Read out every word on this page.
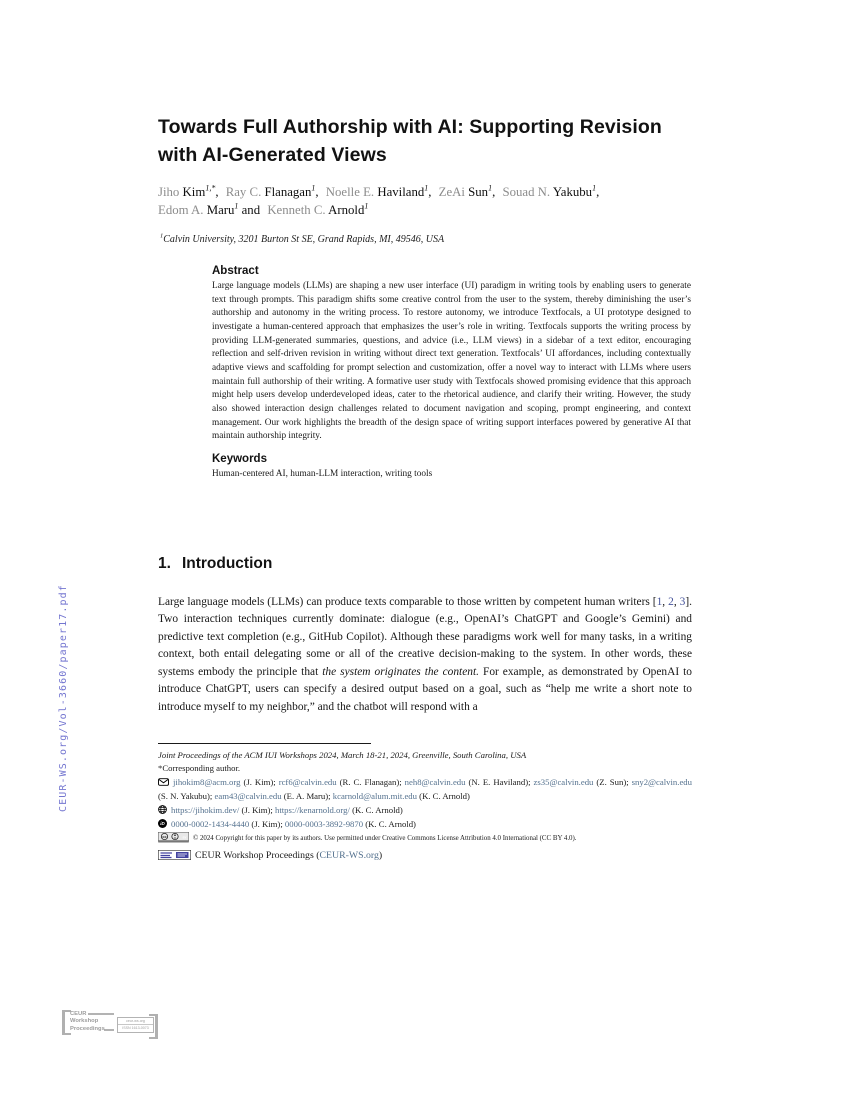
CEUR-WS.org/Vol-3660/paper17.pdf
Towards Full Authorship with AI: Supporting Revision
with AI-Generated Views
Jiho Kim$^{1,*}$, Ray C. Flanagan$^1$, Noelle E. Haviland$^1$, ZeAi Sun$^1$, Souad N. Yakubu$^1$,
Edom A. Maru$^1$ and Kenneth C. Arnold$^1$
$^1$Calvin University, 3201 Burton St SE, Grand Rapids, MI, 49546, USA
Abstract

Large language models (LLMs) are shaping a new user interface (UI) paradigm in writing tools by enabling users to generate text through prompts. This paradigm shifts some creative control from the user to the system, thereby diminishing the user’s authorship and autonomy in the writing process. To restore autonomy, we introduce Textfocals, a UI prototype designed to investigate a human-centered approach that emphasizes the user’s role in writing. Textfocals supports the writing process by providing LLM-generated summaries, questions, and advice (i.e., LLM views) in a sidebar of a text editor, encouraging reflection and self-driven revision in writing without direct text generation. Textfocals’ UI affordances, including contextually adaptive views and scaffolding for prompt selection and customization, offer a novel way to interact with LLMs where users maintain full authorship of their writing. A formative user study with Textfocals showed promising evidence that this approach might help users develop underdeveloped ideas, cater to the rhetorical audience, and clarify their writing. However, the study also showed interaction design challenges related to document navigation and scoping, prompt engineering, and context management. Our work highlights the breadth of the design space of writing support interfaces powered by generative AI that maintain authorship integrity.

Keywords

Human-centered AI, human-LLM interaction, writing tools

1. Introduction

Large language models (LLMs) can produce texts comparable to those written by competent human writers [1, 2, 3]. Two interaction techniques currently dominate: dialogue (e.g., OpenAI’s ChatGPT and Google’s Gemini) and predictive text completion (e.g., GitHub Copilot). Although these paradigms work well for many tasks, in a writing context, both entail delegating some or all of the creative decision-making to the system. In other words, these systems embody the principle that the system originates the content. For example, as demonstrated by OpenAI to introduce ChatGPT, users can specify a desired output based on a goal, such as “help me write a short note to introduce myself to my neighbor,” and the chatbot will respond with a

Joint Proceedings of the ACM IUI Workshops 2024, March 18-21, 2024, Greenville, South Carolina, USA
*Corresponding author.
jihokim8@acm.org (J. Kim); rcf6@calvin.edu (R. C. Flanagan); neh8@calvin.edu (N. E. Haviland); zs35@calvin.edu (Z. Sun); sny2@calvin.edu (S. N. Yakubu); eam43@calvin.edu (E. A. Maru); kcarnold@alum.mit.edu (K. C. Arnold)
https://jihokim.dev/ (J. Kim); https://kenarnold.org/ (K. C. Arnold)
iD 0000-0002-1434-4440 (J. Kim); 0000-0003-3892-9870 (K. C. Arnold)
cc	BY © 2024 Copyright for this paper by its authors. Use permitted under Creative Commons License Attribution 4.0 International (CC BY 4.0).
CEUR Workshop Proceedings (CEUR-WS.org)
CEUR
Workshop
Proceedings
ceur-ws.org
ISSN 1613-0073
